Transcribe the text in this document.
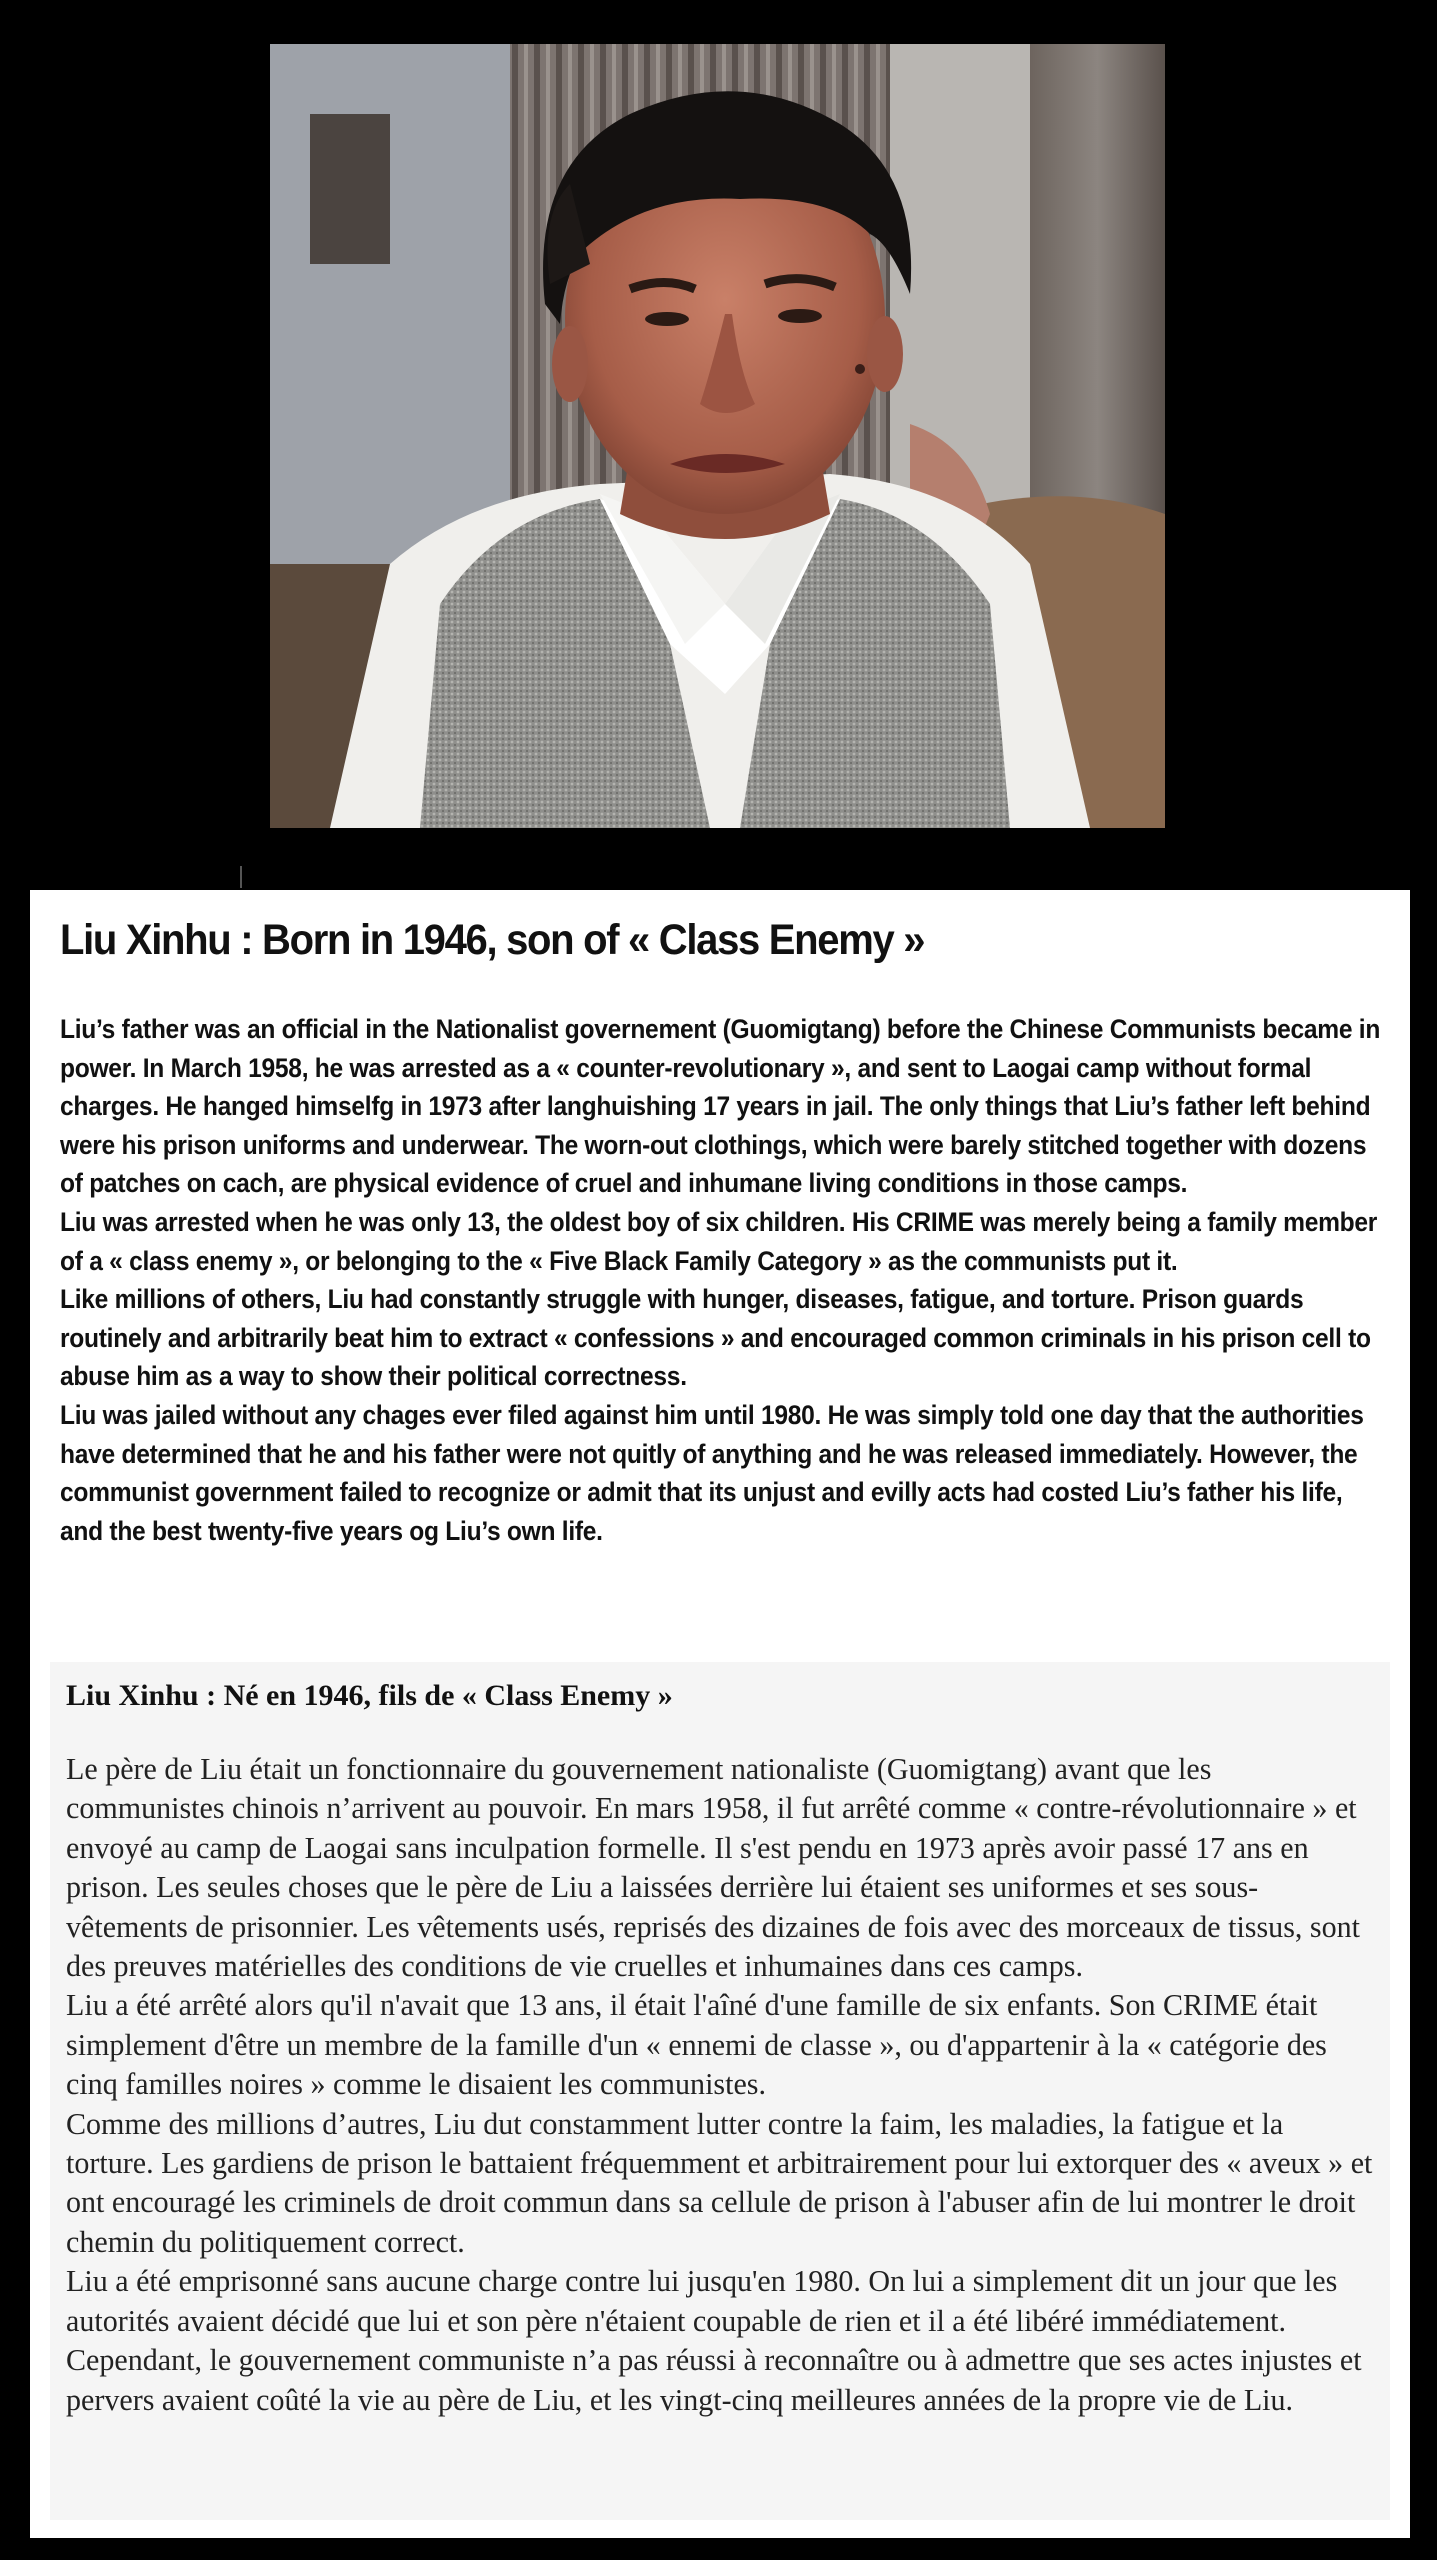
Liu Xinhu : Born in 1946, son of « Class Enemy »

Liu’s father was an official in the Nationalist governement (Guomigtang) before the Chinese Communists became in power. In March 1958, he was arrested as a « counter-revolutionary », and sent to Laogai camp without formal charges. He hanged himselfg in 1973 after langhuishing 17 years in jail. The only things that Liu’s father left behind were his prison uniforms and underwear. The worn-out clothings, which were barely stitched together with dozens of patches on cach, are physical evidence of cruel and inhumane living conditions in those camps.

Liu was arrested when he was only 13, the oldest boy of six children. His CRIME was merely being a family member of a « class enemy », or belonging to the « Five Black Family Category » as the communists put it.

Like millions of others, Liu had constantly struggle with hunger, diseases, fatigue, and torture. Prison guards routinely and arbitrarily beat him to extract « confessions » and encouraged common criminals in his prison cell to abuse him as a way to show their political correctness.

Liu was jailed without any chages ever filed against him until 1980. He was simply told one day that the authorities have determined that he and his father were not quitly of anything and he was released immediately. However, the communist government failed to recognize or admit that its unjust and evilly acts had costed Liu’s father his life, and the best twenty-five years og Liu’s own life.

Liu Xinhu : Né en 1946, fils de « Class Enemy »

Le père de Liu était un fonctionnaire du gouvernement nationaliste (Guomigtang) avant que les communistes chinois n’arrivent au pouvoir. En mars 1958, il fut arrêté comme « contre-révolutionnaire » et envoyé au camp de Laogai sans inculpation formelle. Il s'est pendu en 1973 après avoir passé 17 ans en prison. Les seules choses que le père de Liu a laissées derrière lui étaient ses uniformes et ses sous-vêtements de prisonnier. Les vêtements usés, reprisés des dizaines de fois avec des morceaux de tissus, sont des preuves matérielles des conditions de vie cruelles et inhumaines dans ces camps.

Liu a été arrêté alors qu'il n'avait que 13 ans, il était l'aîné d'une famille de six enfants. Son CRIME était simplement d'être un membre de la famille d'un « ennemi de classe », ou d'appartenir à la « catégorie des cinq familles noires » comme le disaient les communistes.

Comme des millions d’autres, Liu dut constamment lutter contre la faim, les maladies, la fatigue et la torture. Les gardiens de prison le battaient fréquemment et arbitrairement pour lui extorquer des « aveux » et ont encouragé les criminels de droit commun dans sa cellule de prison à l'abuser afin de lui montrer le droit chemin du politiquement correct.

Liu a été emprisonné sans aucune charge contre lui jusqu'en 1980. On lui a simplement dit un jour que les autorités avaient décidé que lui et son père n'étaient coupable de rien et il a été libéré immédiatement. Cependant, le gouvernement communiste n’a pas réussi à reconnaître ou à admettre que ses actes injustes et pervers avaient coûté la vie au père de Liu, et les vingt-cinq meilleures années de la propre vie de Liu.
